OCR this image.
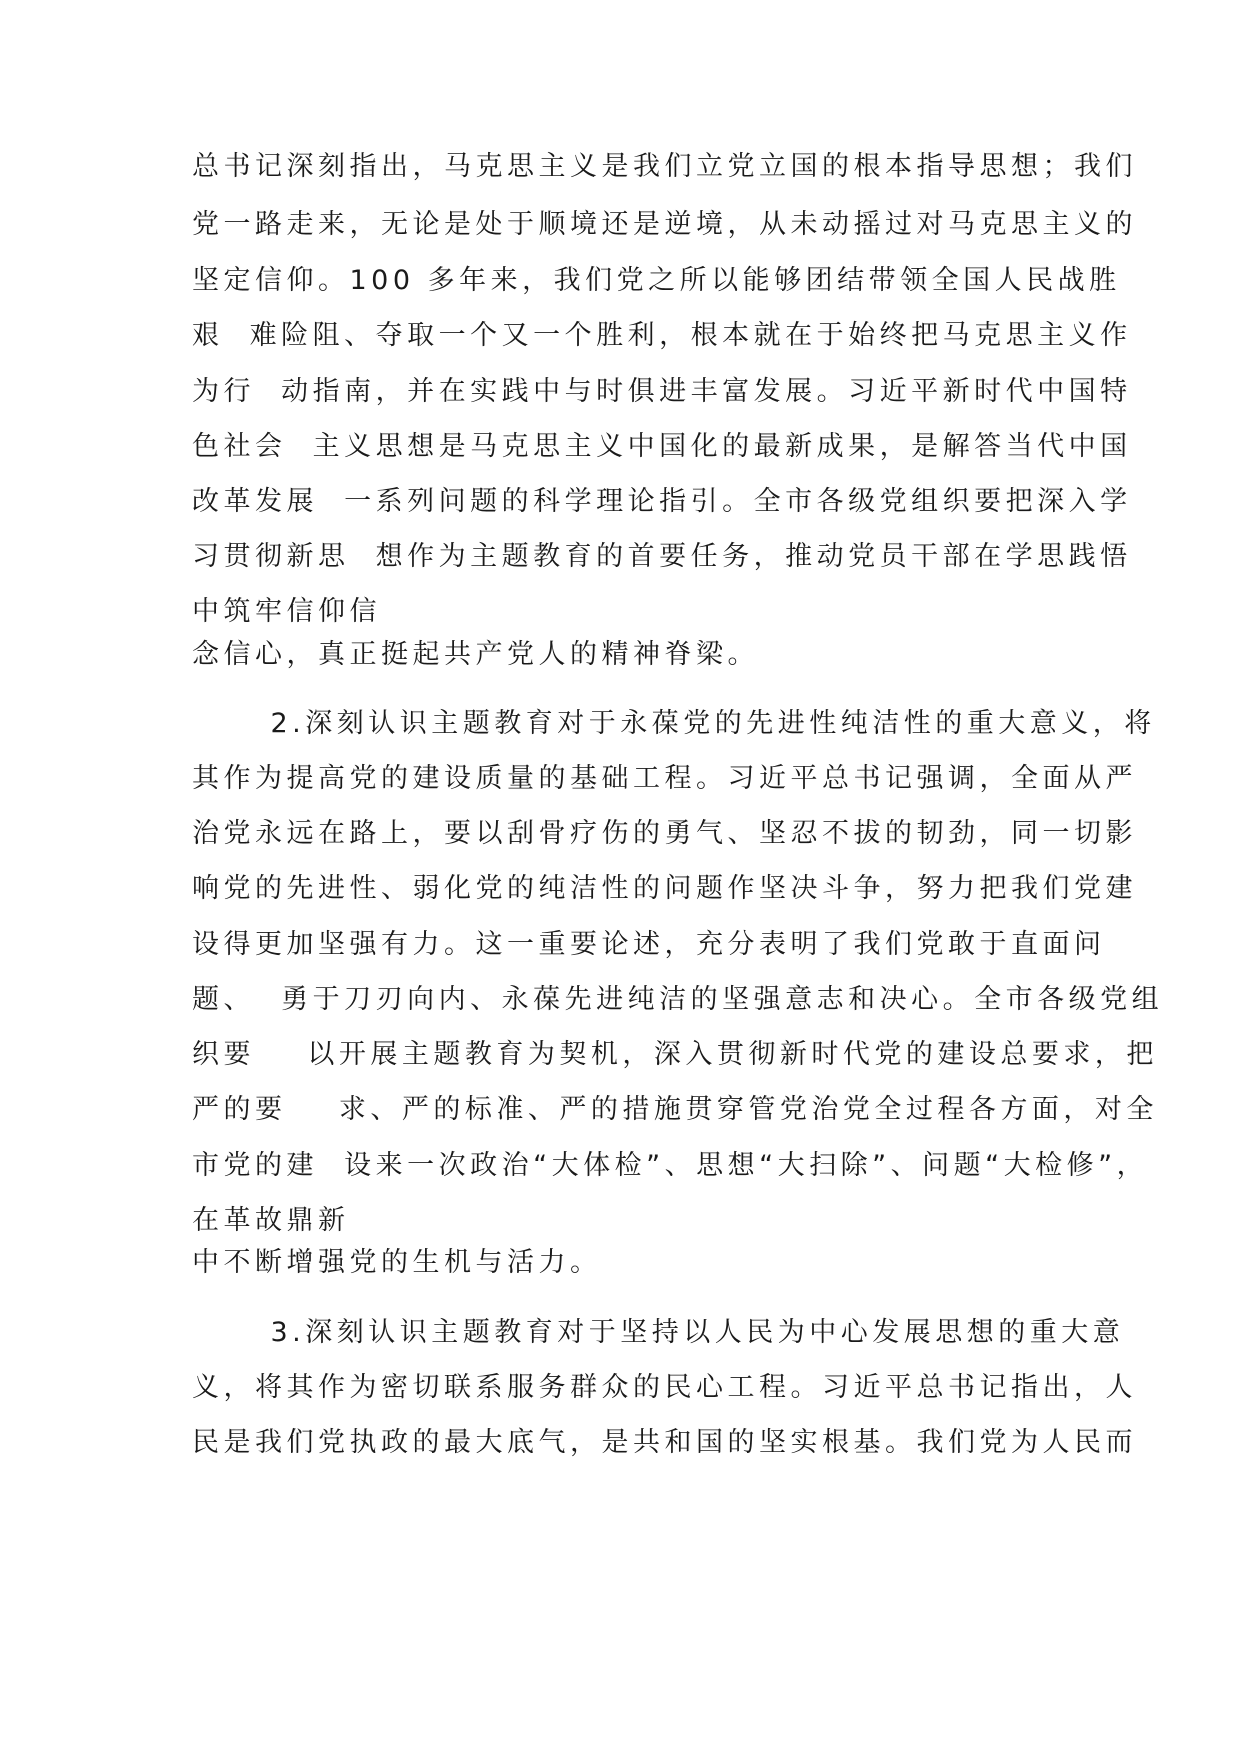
总书记深刻指出，马克思主义是我们立党立国的根本指导思想；我们
党一路走来，无论是处于顺境还是逆境，从未动摇过对马克思主义的
坚定信仰。100 多年来，我们党之所以能够团结带领全国人民战胜
艰  难险阻、夺取一个又一个胜利，根本就在于始终把马克思主义作
为行  动指南，并在实践中与时俱进丰富发展。习近平新时代中国特
色社会  主义思想是马克思主义中国化的最新成果，是解答当代中国
改革发展  一系列问题的科学理论指引。全市各级党组织要把深入学
习贯彻新思  想作为主题教育的首要任务，推动党员干部在学思践悟
中筑牢信仰信
念信心，真正挺起共产党人的精神脊梁。
2.深刻认识主题教育对于永葆党的先进性纯洁性的重大意义，将
其作为提高党的建设质量的基础工程。习近平总书记强调，全面从严
治党永远在路上，要以刮骨疗伤的勇气、坚忍不拔的韧劲，同一切影
响党的先进性、弱化党的纯洁性的问题作坚决斗争，努力把我们党建
设得更加坚强有力。这一重要论述，充分表明了我们党敢于直面问
题、  勇于刀刃向内、永葆先进纯洁的坚强意志和决心。全市各级党组
织要    以开展主题教育为契机，深入贯彻新时代党的建设总要求，把
严的要    求、严的标准、严的措施贯穿管党治党全过程各方面，对全
市党的建  设来一次政治“大体检”、思想“大扫除”、问题“大检修”，
在革故鼎新
中不断增强党的生机与活力。
3.深刻认识主题教育对于坚持以人民为中心发展思想的重大意
义，将其作为密切联系服务群众的民心工程。习近平总书记指出，人
民是我们党执政的最大底气，是共和国的坚实根基。我们党为人民而
